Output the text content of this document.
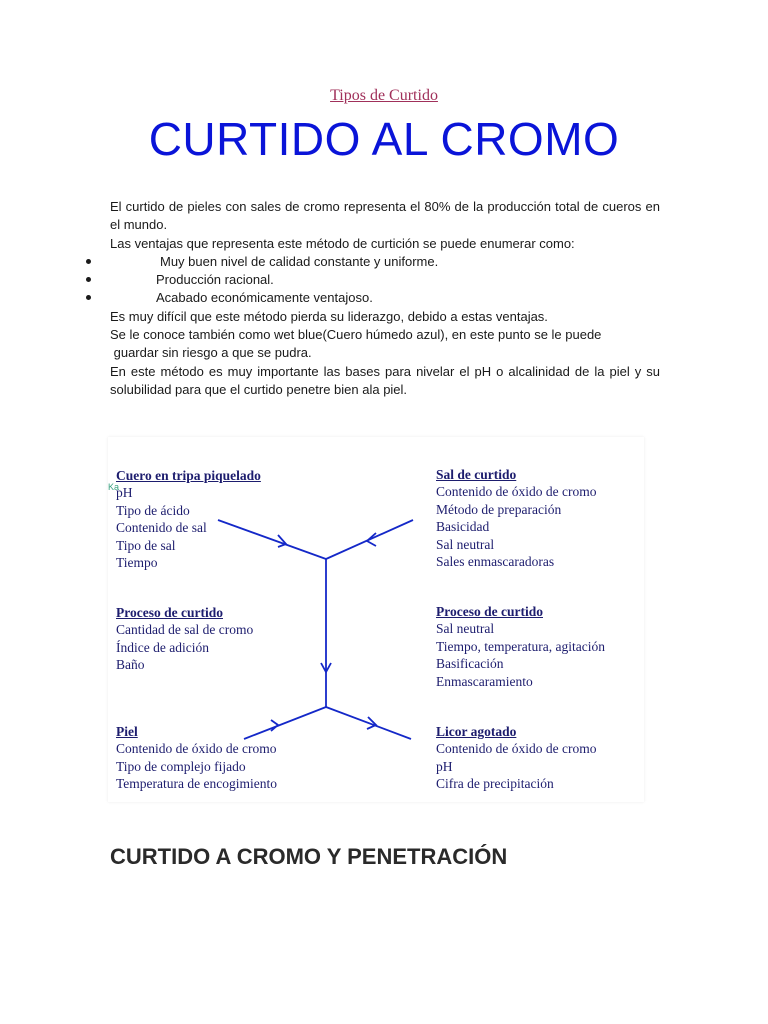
Tipos de Curtido
CURTIDO AL CROMO

El curtido de pieles con sales de cromo representa el 80% de la producción total de cueros en el mundo.

Las ventajas que representa este método de curtición se puede enumerar como:

Muy buen nivel de calidad constante y uniforme.
Producción racional.
Acabado económicamente ventajoso.

Es muy difícil que este método pierda su liderazgo, debido a estas ventajas.

Se le conoce también como wet blue(Cuero húmedo azul), en este punto se le puede

guardar sin riesgo a que se pudra.

En este método es muy importante las bases para nivelar el pH o alcalinidad de la piel y su solubilidad para que el curtido penetre bien ala piel.

Ka
Cuero en tripa piquelado
pH
Tipo de ácido
Contenido de sal
Tipo de sal
Tiempo
Sal de curtido
Contenido de óxido de cromo
Método de preparación
Basicidad
Sal neutral
Sales enmascaradoras
Proceso de curtido
Cantidad de sal de cromo
Índice de adición
Baño
Proceso de curtido
Sal neutral
Tiempo, temperatura, agitación
Basificación
Enmascaramiento
Piel
Contenido de óxido de cromo
Tipo de complejo fijado
Temperatura de encogimiento
Licor agotado
Contenido de óxido de cromo
pH
Cifra de precipitación
CURTIDO A CROMO Y PENETRACIÓN
